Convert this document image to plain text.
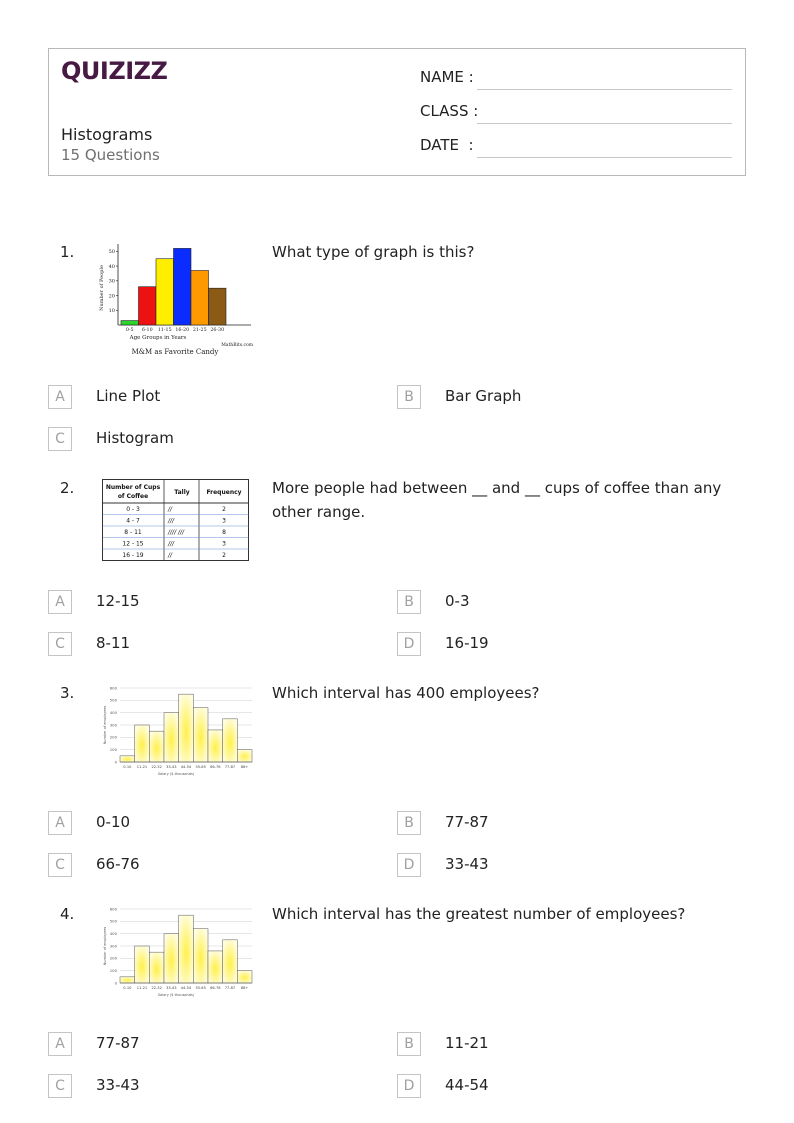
QUIZIZZ
Histograms
15 Questions
NAME :
CLASS :
DATE  :
1.
Number of People
10
20
30
40
50
0-5 6-10 11-15 16-20 21-25 26-30
Age Groups in Years
MathBits.com
M&M as Favorite Candy
What type of graph is this?
A	Line Plot	B	Bar Graph
C	Histogram
2.	Number of Cups
of Coffee
Tally	Frequency
0 - 3	//	2
4 - 7	///	3
8 - 11	//// ///	8
12 - 15	///	3
16 - 19	//	2
More people had between __ and __ cups of coffee than any other range.
A	12-15	B	0-3
C	8-11	D	16-19
3.
Number of employees
0
100
200
300
400
500
600
0-10 11-21 22-32 33-43 44-54 55-65 66-76 77-87 88+
Salary ($ thousands)
Which interval has 400 employees?
A	0-10	B	77-87
C	66-76	D	33-43
4.
Number of employees
0
100
200
300
400
500
600
0-10 11-21 22-32 33-43 44-54 55-65 66-76 77-87 88+
Salary ($ thousands)
Which interval has the greatest number of employees?
A	77-87	B	11-21
C	33-43	D	44-54
